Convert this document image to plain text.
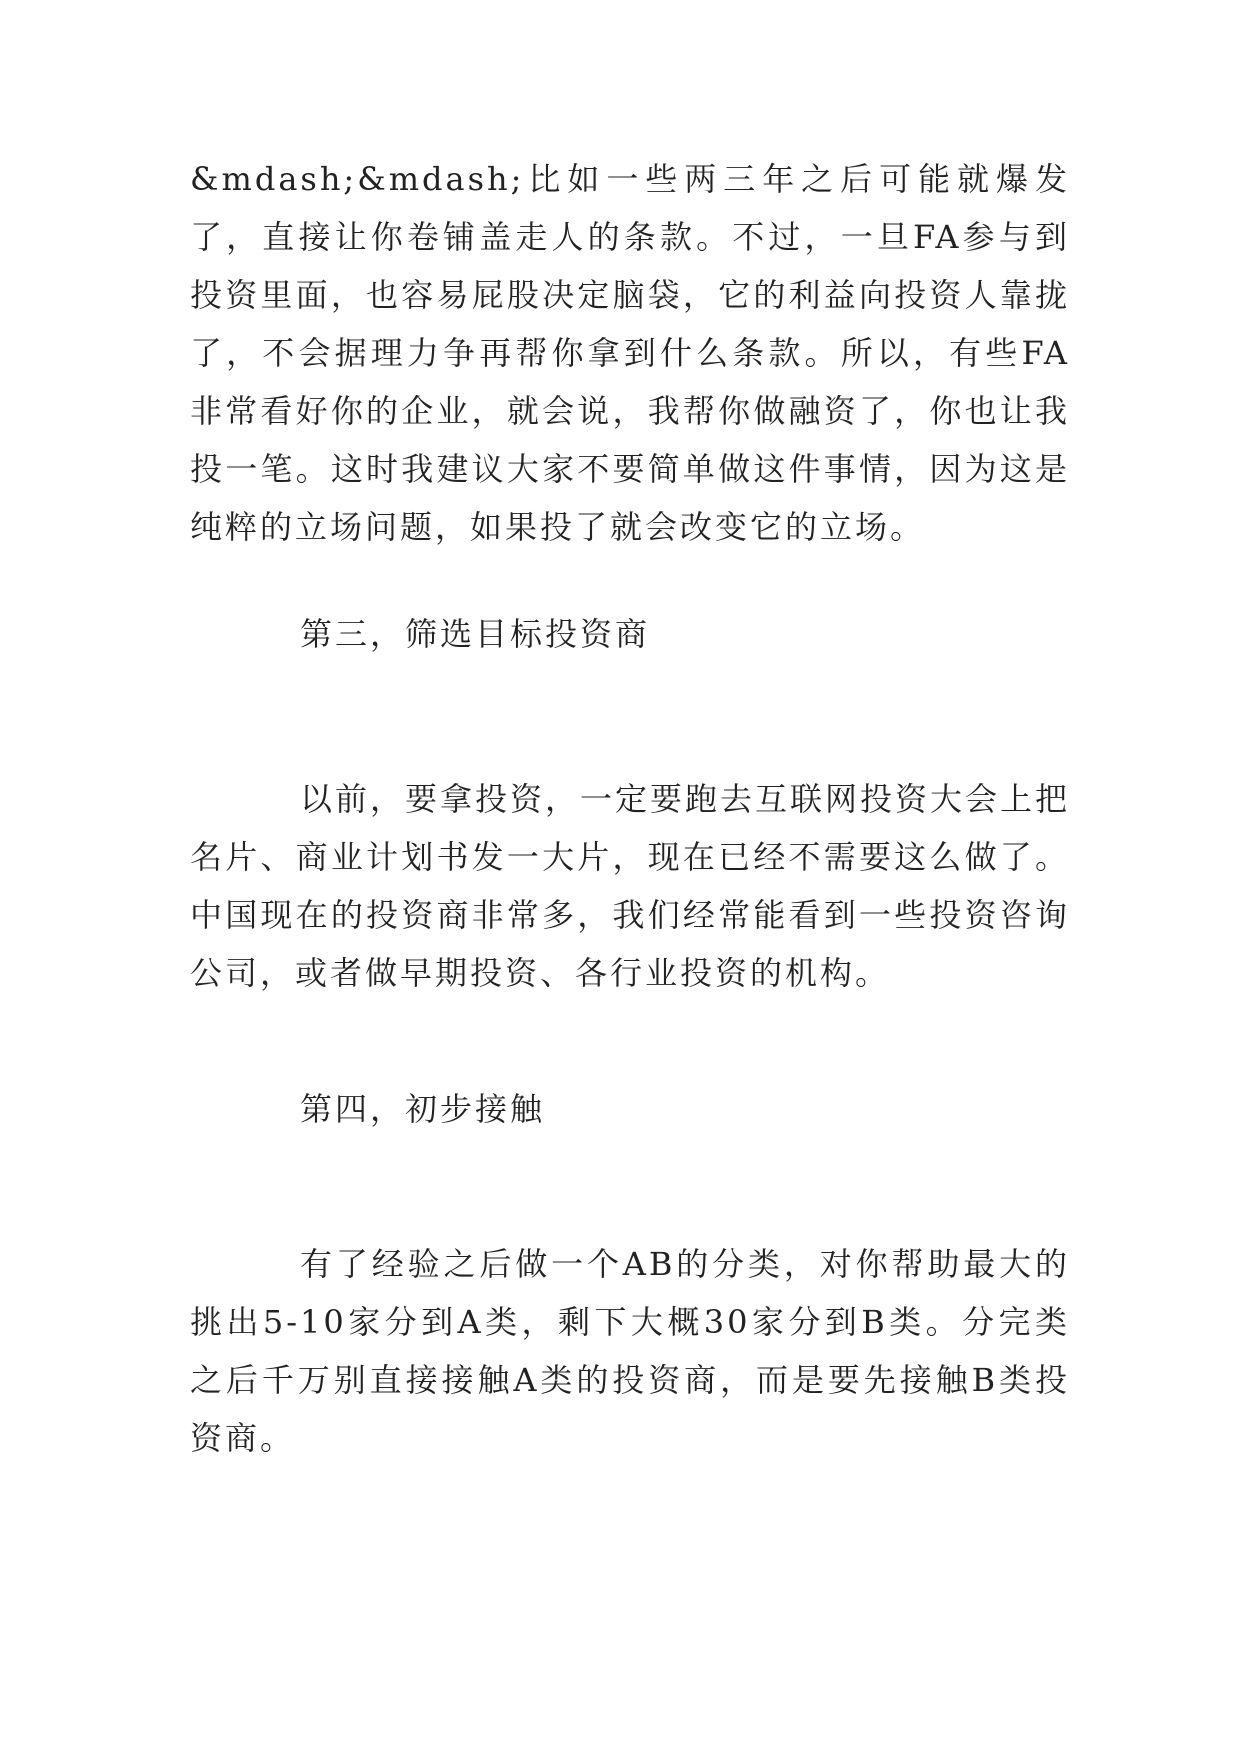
&mdash;&mdash;比如一些两三年之后可能就爆发了，直接让你卷铺盖走人的条款。不过，一旦FA参与到投资里面，也容易屁股决定脑袋，它的利益向投资人靠拢了，不会据理力争再帮你拿到什么条款。所以，有些FA非常看好你的企业，就会说，我帮你做融资了，你也让我投一笔。这时我建议大家不要简单做这件事情，因为这是纯粹的立场问题，如果投了就会改变它的立场。

第三，筛选目标投资商

以前，要拿投资，一定要跑去互联网投资大会上把名片、商业计划书发一大片，现在已经不需要这么做了。中国现在的投资商非常多，我们经常能看到一些投资咨询公司，或者做早期投资、各行业投资的机构。

第四，初步接触

有了经验之后做一个AB的分类，对你帮助最大的挑出5-10家分到A类，剩下大概30家分到B类。分完类之后千万别直接接触A类的投资商，而是要先接触B类投资商。
